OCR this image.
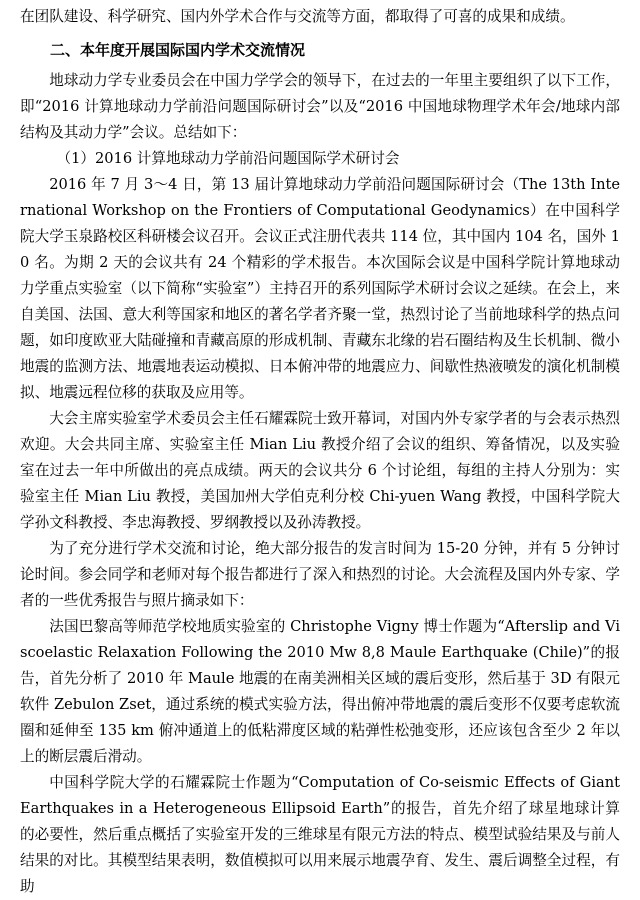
在团队建设、科学研究、国内外学术合作与交流等方面，都取得了可喜的成果和成绩。

二、本年度开展国际国内学术交流情况

地球动力学专业委员会在中国力学学会的领导下，在过去的一年里主要组织了以下工作，即“2016 计算地球动力学前沿问题国际研讨会”以及“2016 中国地球物理学术年会/地球内部结构及其动力学”会议。总结如下：

（1）2016 计算地球动力学前沿问题国际学术研讨会

2016 年 7 月 3～4 日，第 13 届计算地球动力学前沿问题国际研讨会（The 13th International Workshop on the Frontiers of Computational Geodynamics）在中国科学院大学玉泉路校区科研楼会议召开。会议正式注册代表共 114 位，其中国内 104 名，国外 10 名。为期 2 天的会议共有 24 个精彩的学术报告。本次国际会议是中国科学院计算地球动力学重点实验室（以下简称“实验室”）主持召开的系列国际学术研讨会议之延续。在会上，来自美国、法国、意大利等国家和地区的著名学者齐聚一堂，热烈讨论了当前地球科学的热点问题，如印度欧亚大陆碰撞和青藏高原的形成机制、青藏东北缘的岩石圈结构及生长机制、微小地震的监测方法、地震地表运动模拟、日本俯冲带的地震应力、间歇性热液喷发的演化机制模拟、地震远程位移的获取及应用等。

大会主席实验室学术委员会主任石耀霖院士致开幕词，对国内外专家学者的与会表示热烈欢迎。大会共同主席、实验室主任 Mian Liu 教授介绍了会议的组织、筹备情况，以及实验室在过去一年中所做出的亮点成绩。两天的会议共分 6 个讨论组，每组的主持人分别为：实验室主任 Mian Liu 教授，美国加州大学伯克利分校 Chi-yuen Wang 教授，中国科学院大学孙文科教授、李忠海教授、罗纲教授以及孙涛教授。

为了充分进行学术交流和讨论，绝大部分报告的发言时间为 15-20 分钟，并有 5 分钟讨论时间。参会同学和老师对每个报告都进行了深入和热烈的讨论。大会流程及国内外专家、学者的一些优秀报告与照片摘录如下：

法国巴黎高等师范学校地质实验室的 Christophe Vigny 博士作题为“Afterslip and Viscoelastic Relaxation Following the 2010 Mw 8,8 Maule Earthquake (Chile)”的报告，首先分析了 2010 年 Maule 地震的在南美洲相关区域的震后变形，然后基于 3D 有限元软件 Zebulon Zset，通过系统的模式实验方法，得出俯冲带地震的震后变形不仅要考虑软流圈和延伸至 135 km 俯冲通道上的低粘滞度区域的粘弹性松弛变形，还应该包含至少 2 年以上的断层震后滑动。

中国科学院大学的石耀霖院士作题为“Computation of Co-seismic Effects of Giant Earthquakes in a Heterogeneous Ellipsoid Earth”的报告，首先介绍了球星地球计算的必要性，然后重点概括了实验室开发的三维球星有限元方法的特点、模型试验结果及与前人结果的对比。其模型结果表明，数值模拟可以用来展示地震孕育、发生、震后调整全过程，有助
